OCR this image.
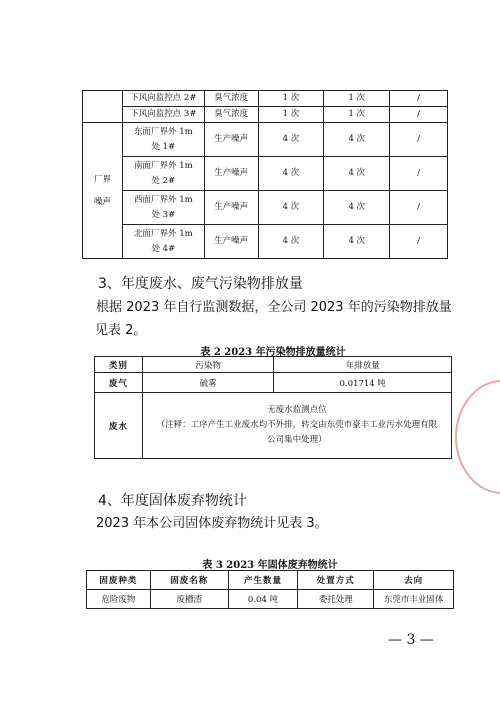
	下风向监控点 2#	臭气浓度	1 次	1 次	/
	下风向监控点 3#	臭气浓度	1 次	1 次	/
厂界噪声	东面厂界外 1m 处 1#	生产噪声	4 次	4 次	/
	南面厂界外 1m 处 2#	生产噪声	4 次	4 次	/
	西面厂界外 1m 处 3#	生产噪声	4 次	4 次	/
	北面厂界外 1m 处 4#	生产噪声	4 次	4 次	/
3、年度废水、废气污染物排放量
根据 2023 年自行监测数据，全公司 2023 年的污染物排放量
见表 2。
表 2 2023 年污染物排放量统计
类别	污染物	年排放量
废气	硫雾	0.01714 吨
废水	无废水监测点位
（注释：工序产生工业废水均不外排，转交由东莞市豪丰工业污水处理有限
公司集中处理）	
4、年度固体废弃物统计
2023 年本公司固体废弃物统计见表 3。
表 3 2023 年固体废弃物统计
固废种类	固废名称	产生数量	处置方式	去向
危险废物	废槽渣	0.04 吨	委托处理	东莞市丰业固体
— 3 —
